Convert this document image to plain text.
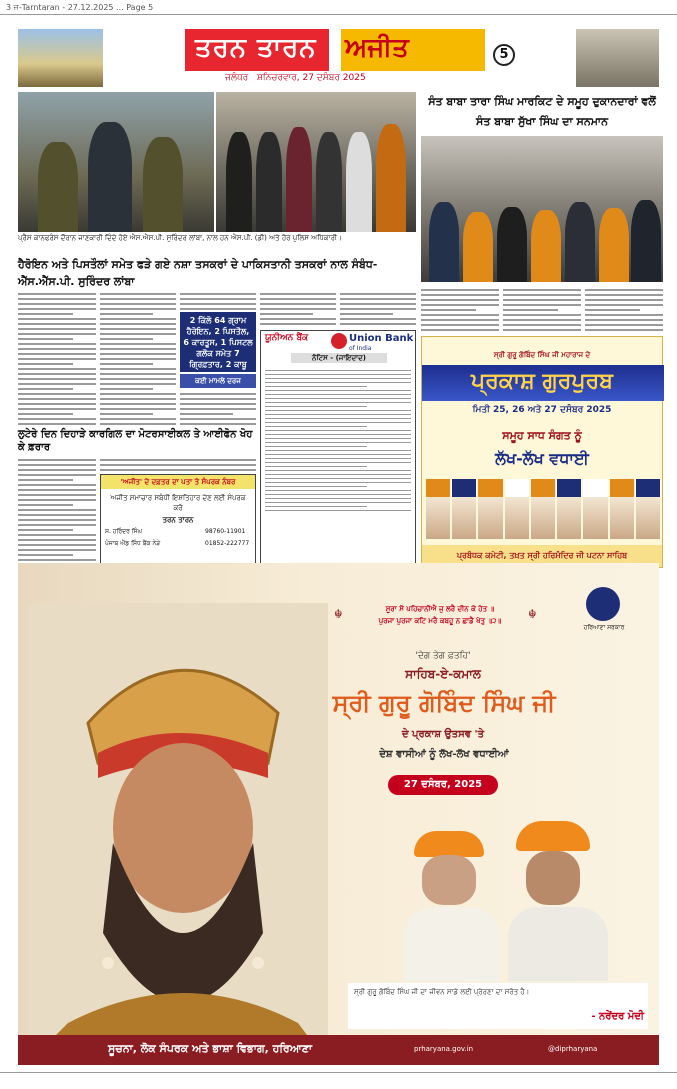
3 ਜ-Tarntaran - 27.12.2025 ... Page 5
ਤਰਨ ਤਾਰਨ ਅਜੀਤ
ਜਲੰਧਰ ਸ਼ਨਿਚਰਵਾਰ, 27 ਦਸੰਬਰ 2025
5
ਪ੍ਰੈਸ ਕਾਨਫਰੰਸ ਦੌਰਾਨ ਜਾਣਕਾਰੀ ਦਿੰਦੇ ਹੋਏ ਐਸ.ਐਸ.ਪੀ. ਸੁਰਿੰਦਰ ਲਾਂਬਾ, ਨਾਲ ਹਨ ਐਸ.ਪੀ. (ਡੀ) ਅਤੇ ਹੋਰ ਪੁਲਿਸ ਅਧਿਕਾਰੀ।
ਹੈਰੋਇਨ ਅਤੇ ਪਿਸਤੌਲਾਂ ਸਮੇਤ ਫੜੇ ਗਏ ਨਸ਼ਾ ਤਸਕਰਾਂ ਦੇ ਪਾਕਿਸਤਾਨੀ ਤਸਕਰਾਂ ਨਾਲ ਸੰਬੰਧ- ਐੱਸ.ਐੱਸ.ਪੀ. ਸੁਰਿੰਦਰ ਲਾਂਬਾ
2 ਕਿੱਲੋ 64 ਗ੍ਰਾਮ ਹੈਰੋਇਨ, 2 ਪਿਸਤੌਲ, 6 ਕਾਰਤੂਸ, 1 ਪਿਸਟਲ ਗਲੌਕ ਸਮੇਤ 7 ਗ੍ਰਿਫ਼ਤਾਰ, 2 ਕਾਬੂ
ਕਈ ਮਾਮਲੇ ਦਰਜ
ਯੂਨੀਅਨ ਬੈਂਕ	Union Bank
of India
ਨੋਟਿਸ - (ਜਾਇਦਾਦ)
ਲੁਟੇਰੇ ਦਿਨ ਦਿਹਾੜੇ ਕਾਰਗਿਲ ਦਾ ਮੋਟਰਸਾਈਕਲ ਤੇ ਆਈਫੋਨ ਖੋਹ ਕੇ ਫ਼ਰਾਰ
'ਅਜੀਤ' ਦੇ ਦਫ਼ਤਰ ਦਾ ਪਤਾ ਤੇ ਸੰਪਰਕ ਨੰਬਰ
ਅਜੀਤ ਸਮਾਚਾਰ ਸਬੰਧੀ ਇਸ਼ਤਿਹਾਰ ਦੇਣ ਲਈ ਸੰਪਰਕ ਕਰੋ
ਤਰਨ ਤਾਰਨ
ਸ. ਹਰਿੰਦਰ ਸਿੰਘ	98760-11901
ਪੰਜਾਬ ਐਂਡ ਸਿੰਧ ਬੈਂਕ ਨੇੜੇ	01852-222777
ਸੰਤ ਬਾਬਾ ਤਾਰਾ ਸਿੰਘ ਮਾਰਕਿਟ ਦੇ ਸਮੂਹ ਦੁਕਾਨਦਾਰਾਂ ਵਲੋਂ ਸੰਤ ਬਾਬਾ ਸੁੱਖਾ ਸਿੰਘ ਦਾ ਸਨਮਾਨ
ਸ੍ਰੀ ਗੁਰੂ ਗੋਬਿੰਦ ਸਿੰਘ ਜੀ ਮਹਾਰਾਜ ਦੇ
ਪ੍ਰਕਾਸ਼ ਗੁਰਪੁਰਬ
ਮਿਤੀ 25, 26 ਅਤੇ 27 ਦਸੰਬਰ 2025
ਸਮੂਹ ਸਾਧ ਸੰਗਤ ਨੂੰ
ਲੱਖ-ਲੱਖ ਵਧਾਈ
ਪ੍ਰਬੰਧਕ ਕਮੇਟੀ, ਤਖ਼ਤ ਸ੍ਰੀ ਹਰਿਮੰਦਿਰ ਜੀ ਪਟਨਾ ਸਾਹਿਬ
ਹਰਿਆਣਾ ਸਰਕਾਰ
☬	☬
ਸੂਰਾ ਸੋ ਪਹਿਚਾਨੀਐ ਜੁ ਲਰੈ ਦੀਨ ਕੇ ਹੇਤ ॥
ਪੁਰਜਾ ਪੁਰਜਾ ਕਟਿ ਮਰੈ ਕਬਹੂ ਨ ਛਾਡੈ ਖੇਤੁ ॥੨॥
'ਦੇਗ ਤੇਗ ਫ਼ਤਹਿ'
ਸਾਹਿਬ-ਏ-ਕਮਾਲ
ਸ੍ਰੀ ਗੁਰੂ ਗੋਬਿੰਦ ਸਿੰਘ ਜੀ
ਦੇ ਪ੍ਰਕਾਸ਼ ਉਤਸਵ 'ਤੇ
ਦੇਸ਼ ਵਾਸੀਆਂ ਨੂੰ ਲੱਖ-ਲੱਖ ਵਧਾਈਆਂ
27 ਦਸੰਬਰ, 2025
ਸ੍ਰੀ ਗੁਰੂ ਗੋਬਿੰਦ ਸਿੰਘ ਜੀ ਦਾ ਜੀਵਨ ਸਾਡੇ ਲਈ ਪ੍ਰੇਰਣਾ ਦਾ ਸਰੋਤ ਹੈ।
- ਨਰੇਂਦਰ ਮੋਦੀ
ਸੂਚਨਾ, ਲੋਕ ਸੰਪਰਕ ਅਤੇ ਭਾਸ਼ਾ ਵਿਭਾਗ, ਹਰਿਆਣਾ	prharyana.gov.in	@diprharyana
